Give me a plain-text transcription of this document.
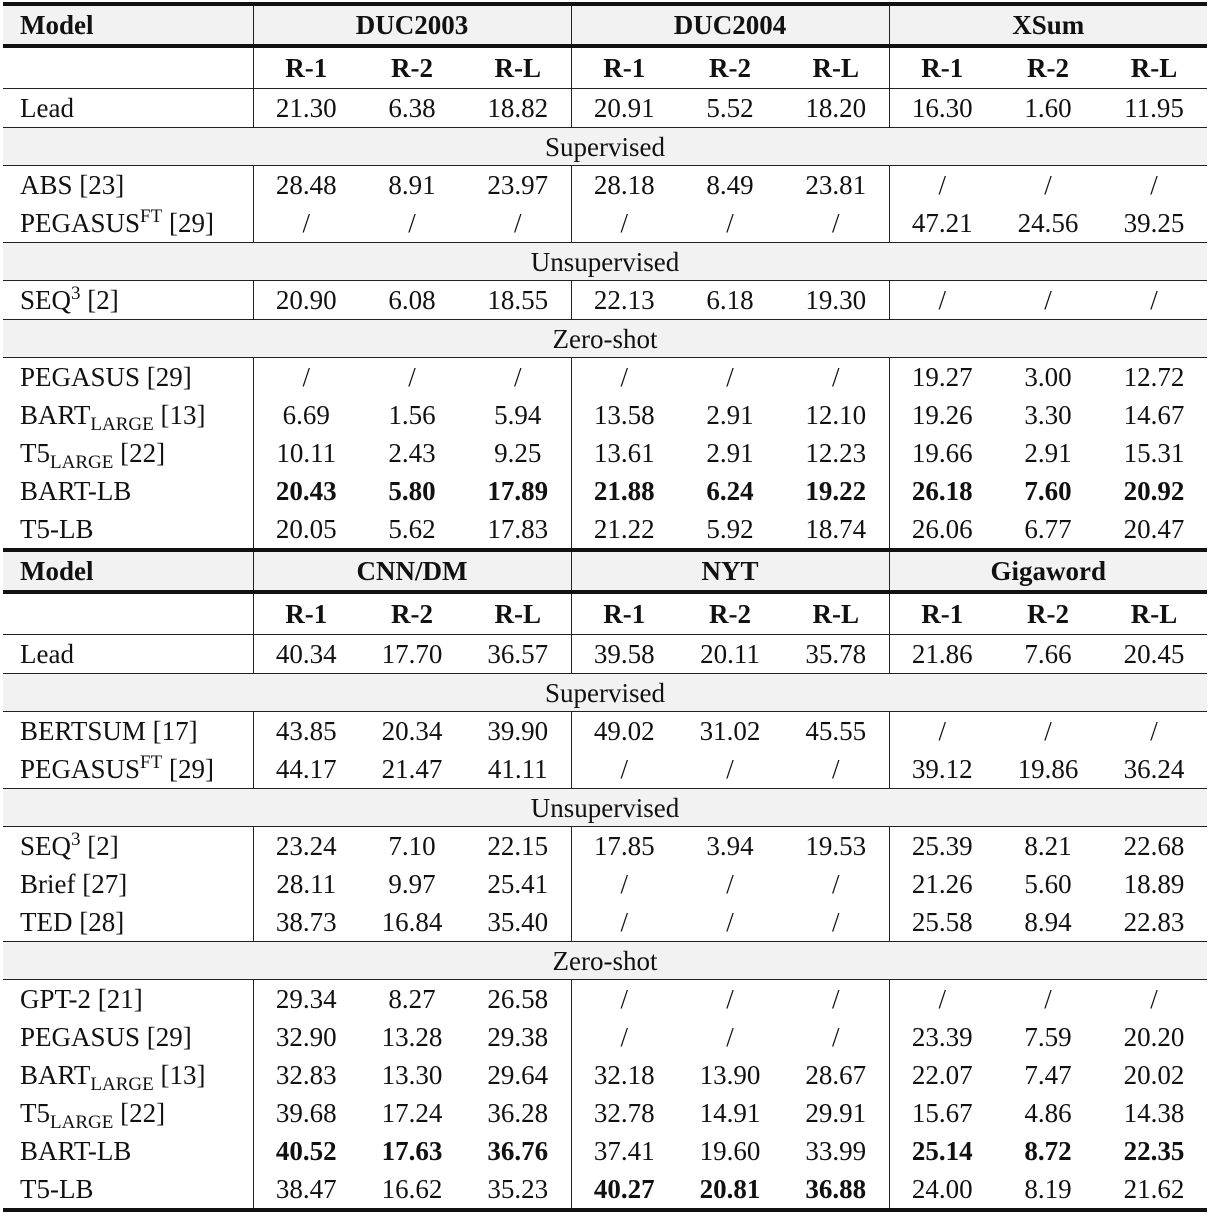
Model	DUC2003			DUC2004			XSum		
	R-1	R-2	R-L	R-1	R-2	R-L	R-1	R-2	R-L
Lead	21.30	6.38	18.82	20.91	5.52	18.20	16.30	1.60	11.95
Supervised									
ABS [23]	28.48	8.91	23.97	28.18	8.49	23.81	/	/	/
$PEGASUS^{FT}$ [29]	/	/	/	/	/	/	47.21	24.56	39.25
Unsupervised									
SEQ$^3$ [2]	20.90	6.08	18.55	22.13	6.18	19.30	/	/	/
Zero-shot									
PEGASUS [29]	/	/	/	/	/	/	19.27	3.00	12.72
$BART_{LARGE}$ [13]	6.69	1.56	5.94	13.58	2.91	12.10	19.26	3.30	14.67
$T5_{LARGE}$ [22]	10.11	2.43	9.25	13.61	2.91	12.23	19.66	2.91	15.31
BART-LB	20.43	5.80	17.89	21.88	6.24	19.22	26.18	7.60	20.92
T5-LB	20.05	5.62	17.83	21.22	5.92	18.74	26.06	6.77	20.47
Model	CNN/DM			NYT			Gigaword		
	R-1	R-2	R-L	R-1	R-2	R-L	R-1	R-2	R-L
Lead	40.34	17.70	36.57	39.58	20.11	35.78	21.86	7.66	20.45
Supervised									
BERTSUM [17]	43.85	20.34	39.90	49.02	31.02	45.55	/	/	/
$PEGASUS^{FT}$ [29]	44.17	21.47	41.11	/	/	/	39.12	19.86	36.24
Unsupervised									
SEQ$^3$ [2]	23.24	7.10	22.15	17.85	3.94	19.53	25.39	8.21	22.68
Brief [27]	28.11	9.97	25.41	/	/	/	21.26	5.60	18.89
TED [28]	38.73	16.84	35.40	/	/	/	25.58	8.94	22.83
Zero-shot									
GPT-2 [21]	29.34	8.27	26.58	/	/	/	/	/	/
PEGASUS [29]	32.90	13.28	29.38	/	/	/	23.39	7.59	20.20
$BART_{LARGE}$ [13]	32.83	13.30	29.64	32.18	13.90	28.67	22.07	7.47	20.02
$T5_{LARGE}$ [22]	39.68	17.24	36.28	32.78	14.91	29.91	15.67	4.86	14.38
BART-LB	40.52	17.63	36.76	37.41	19.60	33.99	25.14	8.72	22.35
T5-LB	38.47	16.62	35.23	40.27	20.81	36.88	24.00	8.19	21.62
